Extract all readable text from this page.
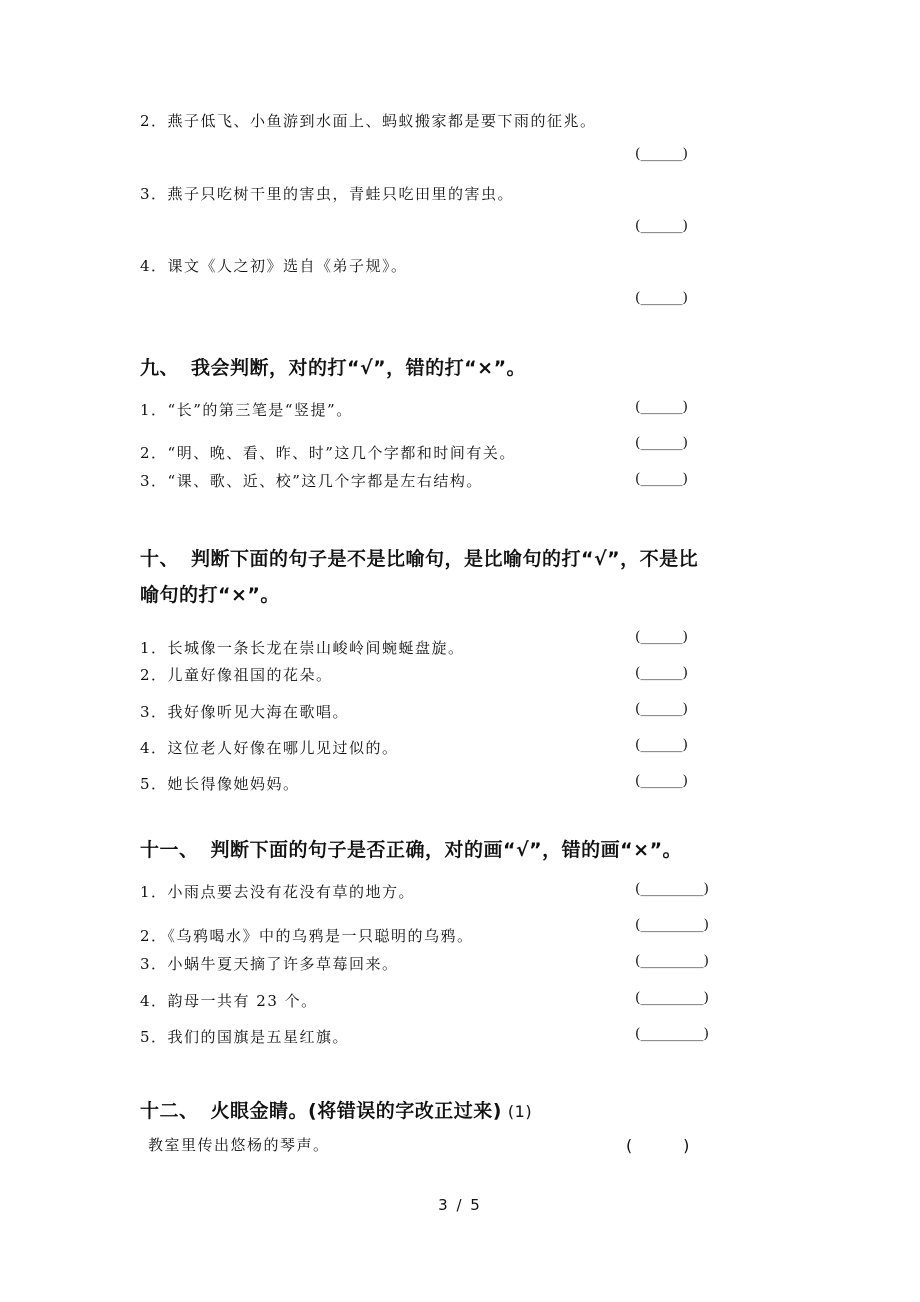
2．燕子低飞、小鱼游到水面上、蚂蚁搬家都是要下雨的征兆。
(______)
3．燕子只吃树干里的害虫，青蛙只吃田里的害虫。
(______)
4．课文《人之初》选自《弟子规》。
(______)
九、 我会判断，对的打“√”，错的打“×”。
1．“长”的第三笔是“竖提”。	(______)
2．“明、晚、看、昨、时”这几个字都和时间有关。
(______)
3．“课、歌、近、校”这几个字都是左右结构。	(______)
十、 判断下面的句子是不是比喻句，是比喻句的打“√”，不是比
喻句的打“×”。
1．长城像一条长龙在崇山峻岭间蜿蜒盘旋。
(______)
2．儿童好像祖国的花朵。	(______)
3．我好像听见大海在歌唱。	(______)
4．这位老人好像在哪儿见过似的。	(______)
5．她长得像她妈妈。	(______)
十一、 判断下面的句子是否正确，对的画“√”，错的画“×”。
1．小雨点要去没有花没有草的地方。	(_________)
2．《乌鸦喝水》中的乌鸦是一只聪明的乌鸦。
(_________)
3．小蜗牛夏天摘了许多草莓回来。	(_________)
4．韵母一共有 23 个。	(_________)
5．我们的国旗是五星红旗。	(_________)
十二、 火眼金睛。(将错误的字改正过来) (1)
教室里传出悠杨的琴声。	(          )
3 / 5
